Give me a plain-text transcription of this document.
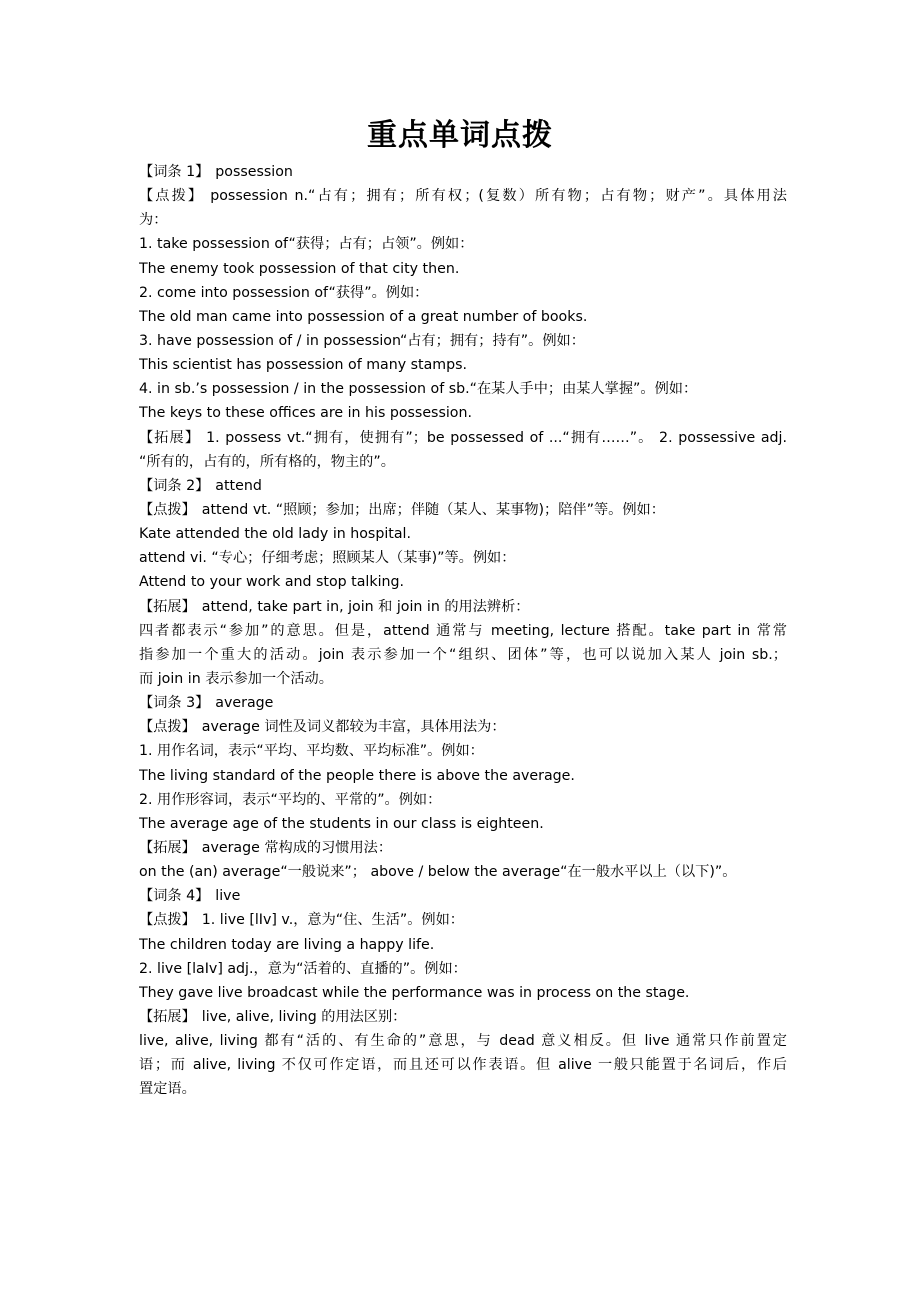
重点单词点拨
【词条 1】 possession
【点拨】 possession n.“占有；拥有；所有权；(复数）所有物；占有物；财产”。具体用法
为：
1. take possession of“获得；占有；占领”。例如：
The enemy took possession of that city then.
2. come into possession of“获得”。例如：
The old man came into possession of a great number of books.
3. have possession of / in possession“占有；拥有；持有”。例如：
This scientist has possession of many stamps.
4. in sb.’s possession / in the possession of sb.“在某人手中；由某人掌握”。例如：
The keys to these offices are in his possession.
【拓展】 1. possess vt.“拥有，使拥有”；be possessed of ...“拥有……”。 2. possessive adj.
“所有的，占有的，所有格的，物主的”。
【词条 2】 attend
【点拨】 attend vt. “照顾；参加；出席；伴随（某人、某事物)；陪伴”等。例如：
Kate attended the old lady in hospital.
attend vi. “专心；仔细考虑；照顾某人（某事)”等。例如：
Attend to your work and stop talking.
【拓展】 attend, take part in, join 和 join in 的用法辨析：
四者都表示“参加”的意思。但是，attend 通常与 meeting, lecture 搭配。take part in 常常
指参加一个重大的活动。join 表示参加一个“组织、团体”等，也可以说加入某人 join sb.；
而 join in 表示参加一个活动。
【词条 3】 average
【点拨】 average 词性及词义都较为丰富，具体用法为：
1. 用作名词，表示“平均、平均数、平均标准”。例如：
The living standard of the people there is above the average.
2. 用作形容词，表示“平均的、平常的”。例如：
The average age of the students in our class is eighteen.
【拓展】 average 常构成的习惯用法：
on the (an) average“一般说来”； above / below the average“在一般水平以上（以下)”。
【词条 4】 live
【点拨】 1. live [lⅠv] v.，意为“住、生活”。例如：
The children today are living a happy life.
2. live [laⅠv] adj.，意为“活着的、直播的”。例如：
They gave live broadcast while the performance was in process on the stage.
【拓展】 live, alive, living 的用法区别：
live, alive, living 都有“活的、有生命的”意思，与 dead 意义相反。但 live 通常只作前置定
语；而 alive, living 不仅可作定语，而且还可以作表语。但 alive 一般只能置于名词后，作后
置定语。
